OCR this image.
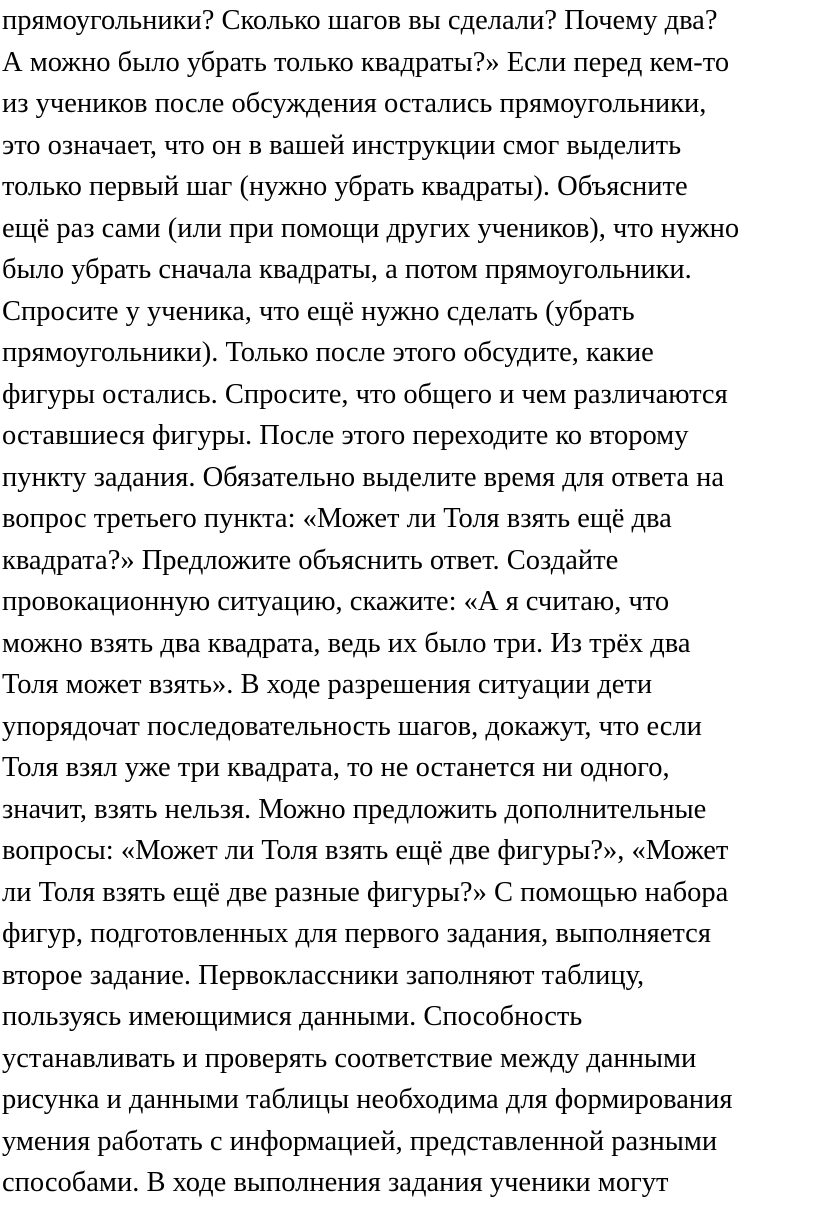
прямоугольники? Сколько шагов вы сделали? Почему два?
А можно было убрать только квадраты?» Если перед кем-то
из учеников после обсуждения остались прямоугольники,
это означает, что он в вашей инструкции смог выделить
только первый шаг (нужно убрать квадраты). Объясните
ещё раз сами (или при помощи других учеников), что нужно
было убрать сначала квадраты, а потом прямоугольники.
Спросите у ученика, что ещё нужно сделать (убрать
прямоугольники). Только после этого обсудите, какие
фигуры остались. Спросите, что общего и чем различаются
оставшиеся фигуры. После этого переходите ко второму
пункту задания. Обязательно выделите время для ответа на
вопрос третьего пункта: «Может ли Толя взять ещё два
квадрата?» Предложите объяснить ответ. Создайте
провокационную ситуацию, скажите: «А я считаю, что
можно взять два квадрата, ведь их было три. Из трёх два
Толя может взять». В ходе разрешения ситуации дети
упорядочат последовательность шагов, докажут, что если
Толя взял уже три квадрата, то не останется ни одного,
значит, взять нельзя. Можно предложить дополнительные
вопросы: «Может ли Толя взять ещё две фигуры?», «Может
ли Толя взять ещё две разные фигуры?» С помощью набора
фигур, подготовленных для первого задания, выполняется
второе задание. Первоклассники заполняют таблицу,
пользуясь имеющимися данными. Способность
устанавливать и проверять соответствие между данными
рисунка и данными таблицы необходима для формирования
умения работать с информацией, представленной разными
способами. В ходе выполнения задания ученики могут
